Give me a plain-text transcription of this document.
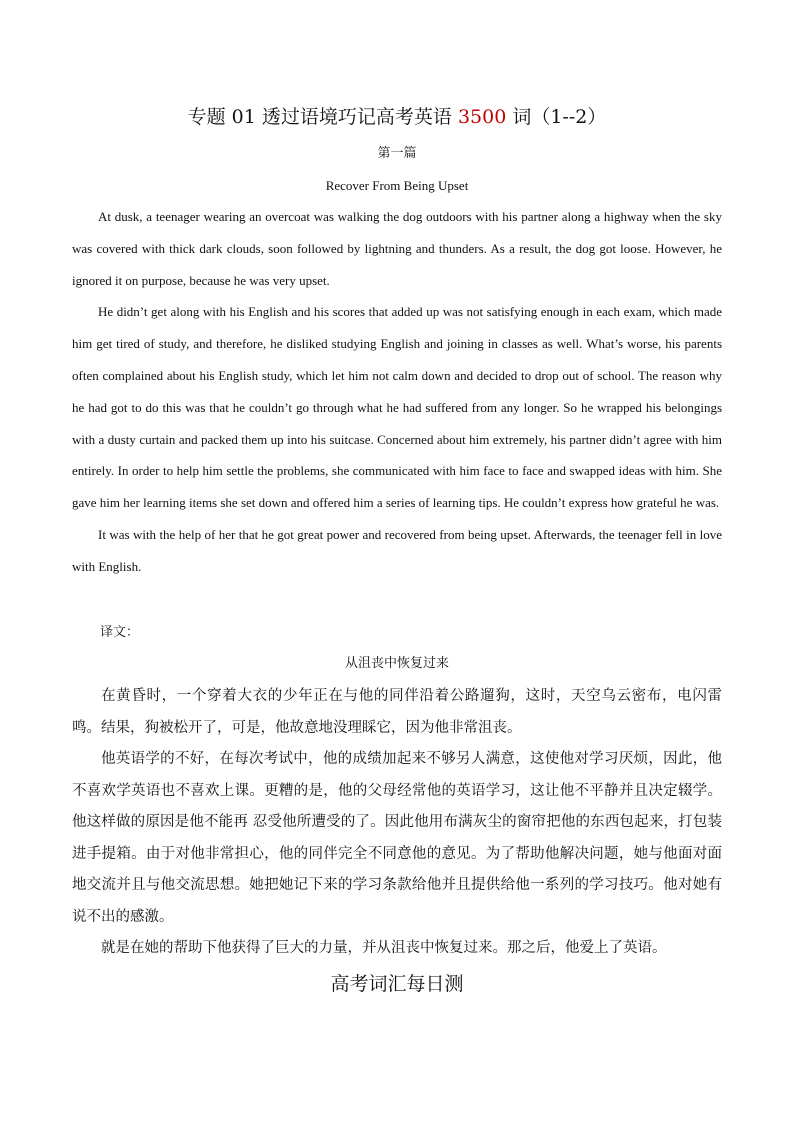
专题 01 透过语境巧记高考英语 3500 词（1--2）
第一篇
Recover From Being Upset

At dusk, a teenager wearing an overcoat was walking the dog outdoors with his partner along a highway when the sky was covered with thick dark clouds, soon followed by lightning and thunders. As a result, the dog got loose. However, he ignored it on purpose, because he was very upset.

He didn’t get along with his English and his scores that added up was not satisfying enough in each exam, which made him get tired of study, and therefore, he disliked studying English and joining in classes as well. What’s worse, his parents often complained about his English study, which let him not calm down and decided to drop out of school. The reason why he had got to do this was that he couldn’t go through what he had suffered from any longer. So he wrapped his belongings with a dusty curtain and packed them up into his suitcase. Concerned about him extremely, his partner didn’t agree with him entirely. In order to help him settle the problems, she communicated with him face to face and swapped ideas with him. She gave him her learning items she set down and offered him a series of learning tips. He couldn’t express how grateful he was.

It was with the help of her that he got great power and recovered from being upset. Afterwards, the teenager fell in love with English.

译文：
从沮丧中恢复过来

在黄昏时，一个穿着大衣的少年正在与他的同伴沿着公路遛狗，这时，天空乌云密布，电闪雷鸣。结果，狗被松开了，可是，他故意地没理睬它，因为他非常沮丧。

他英语学的不好，在每次考试中，他的成绩加起来不够另人满意，这使他对学习厌烦，因此，他不喜欢学英语也不喜欢上课。更糟的是，他的父母经常他的英语学习，这让他不平静并且决定辍学。他这样做的原因是他不能再 忍受他所遭受的了。因此他用布满灰尘的窗帘把他的东西包起来，打包装进手提箱。由于对他非常担心，他的同伴完全不同意他的意见。为了帮助他解决问题，她与他面对面地交流并且与他交流思想。她把她记下来的学习条款给他并且提供给他一系列的学习技巧。他对她有说不出的感激。

就是在她的帮助下他获得了巨大的力量，并从沮丧中恢复过来。那之后，他爱上了英语。

高考词汇每日测
